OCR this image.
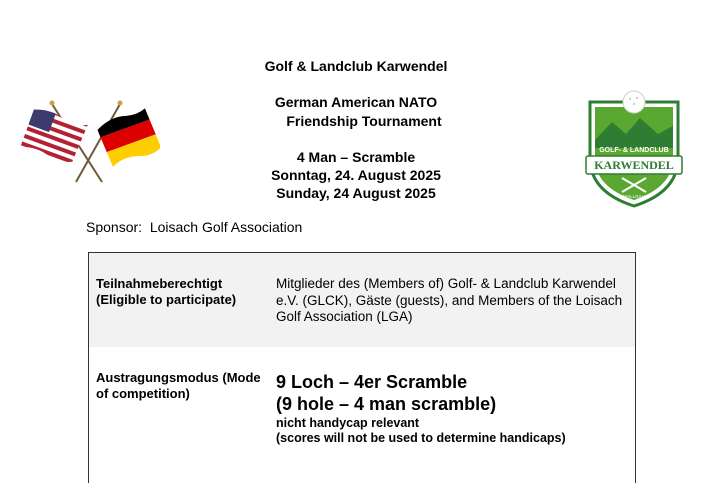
Golf & Landclub Karwendel
German American NATO
Friendship Tournament
4 Man – Scramble
Sonntag, 24. August 2025
Sunday, 24 August 2025
GOLF- & LANDCLUB
KARWENDEL
WALLGAU
Sponsor:  Loisach Golf Association
Teilnahmeberechtigt (Eligible to participate)
Mitglieder des (Members of) Golf- & Landclub Karwendel e.V. (GLCK), Gäste (guests), and Members of the Loisach Golf Association (LGA)
Austragungsmodus (Mode of competition)
9 Loch – 4er Scramble
(9 hole – 4 man scramble)
nicht handycap relevant
(scores will not be used to determine handicaps)
